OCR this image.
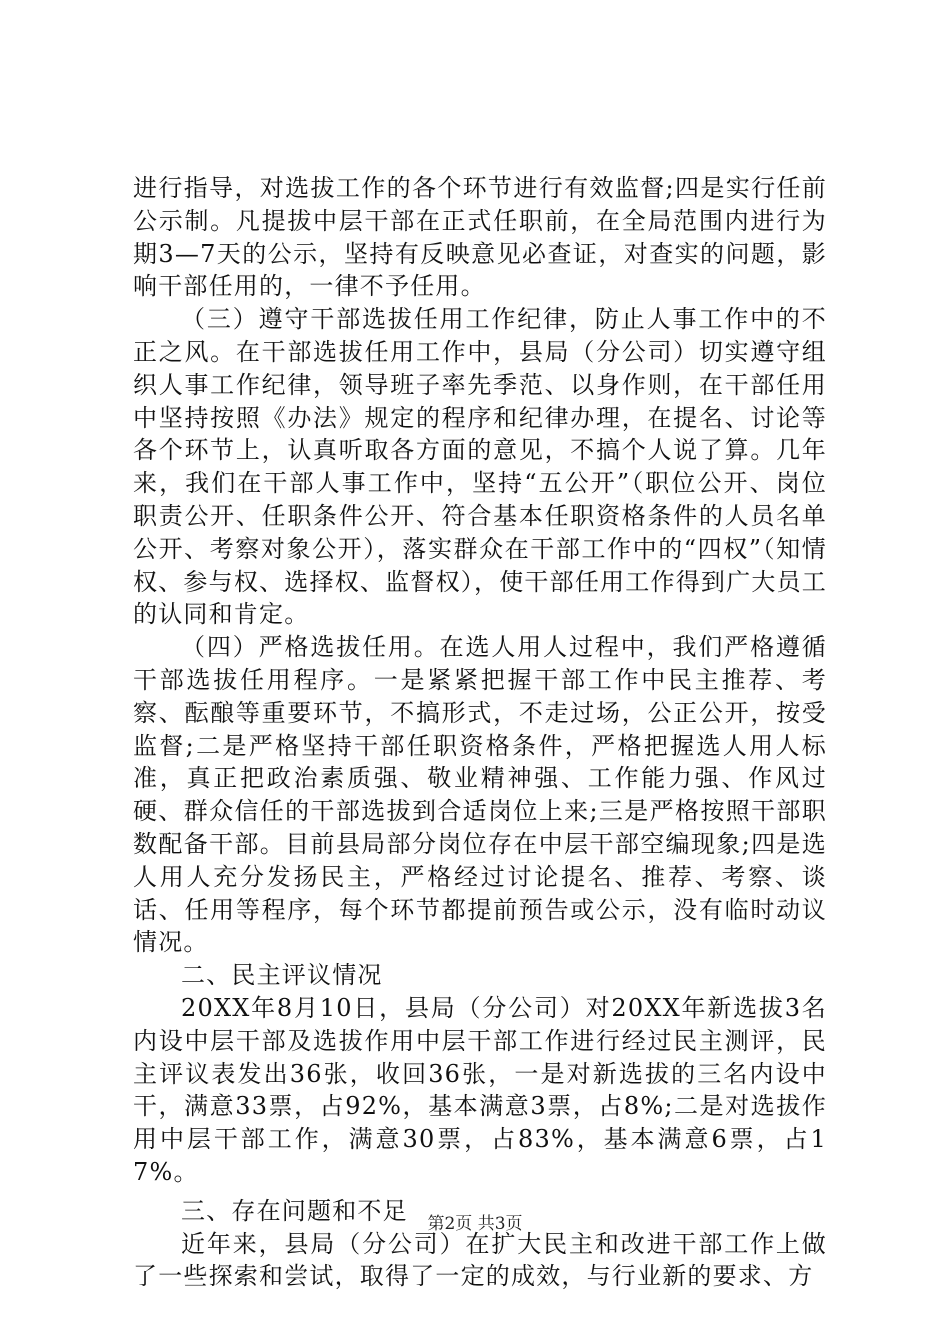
进行指导，对选拔工作的各个环节进行有效监督;四是实行任前公示制。凡提拔中层干部在正式任职前，在全局范围内进行为期3—7天的公示，坚持有反映意见必查证，对查实的问题，影响干部任用的，一律不予任用。

（三）遵守干部选拔任用工作纪律，防止人事工作中的不正之风。在干部选拔任用工作中，县局（分公司）切实遵守组织人事工作纪律，领导班子率先季范、以身作则，在干部任用中坚持按照《办法》规定的程序和纪律办理，在提名、讨论等各个环节上，认真听取各方面的意见，不搞个人说了算。几年来，我们在干部人事工作中，坚持“五公开”（职位公开、岗位职责公开、任职条件公开、符合基本任职资格条件的人员名单公开、考察对象公开），落实群众在干部工作中的“四权”（知情权、参与权、选择权、监督权），使干部任用工作得到广大员工的认同和肯定。

（四）严格选拔任用。在选人用人过程中，我们严格遵循干部选拔任用程序。一是紧紧把握干部工作中民主推荐、考察、酝酿等重要环节，不搞形式，不走过场，公正公开，按受监督;二是严格坚持干部任职资格条件，严格把握选人用人标准，真正把政治素质强、敬业精神强、工作能力强、作风过硬、群众信任的干部选拔到合适岗位上来;三是严格按照干部职数配备干部。目前县局部分岗位存在中层干部空编现象;四是选人用人充分发扬民主，严格经过讨论提名、推荐、考察、谈话、任用等程序，每个环节都提前预告或公示，没有临时动议情况。

二、民主评议情况

20XX年8月10日，县局（分公司）对20XX年新选拔3名内设中层干部及选拔作用中层干部工作进行经过民主测评，民主评议表发出36张，收回36张，一是对新选拔的三名内设中干，满意33票，占92%，基本满意3票，占8%;二是对选拔作用中层干部工作，满意30票，占83%，基本满意6票，占17%。

三、存在问题和不足

近年来，县局（分公司）在扩大民主和改进干部工作上做了一些探索和尝试，取得了一定的成效，与行业新的要求、方

第2页 共3页
